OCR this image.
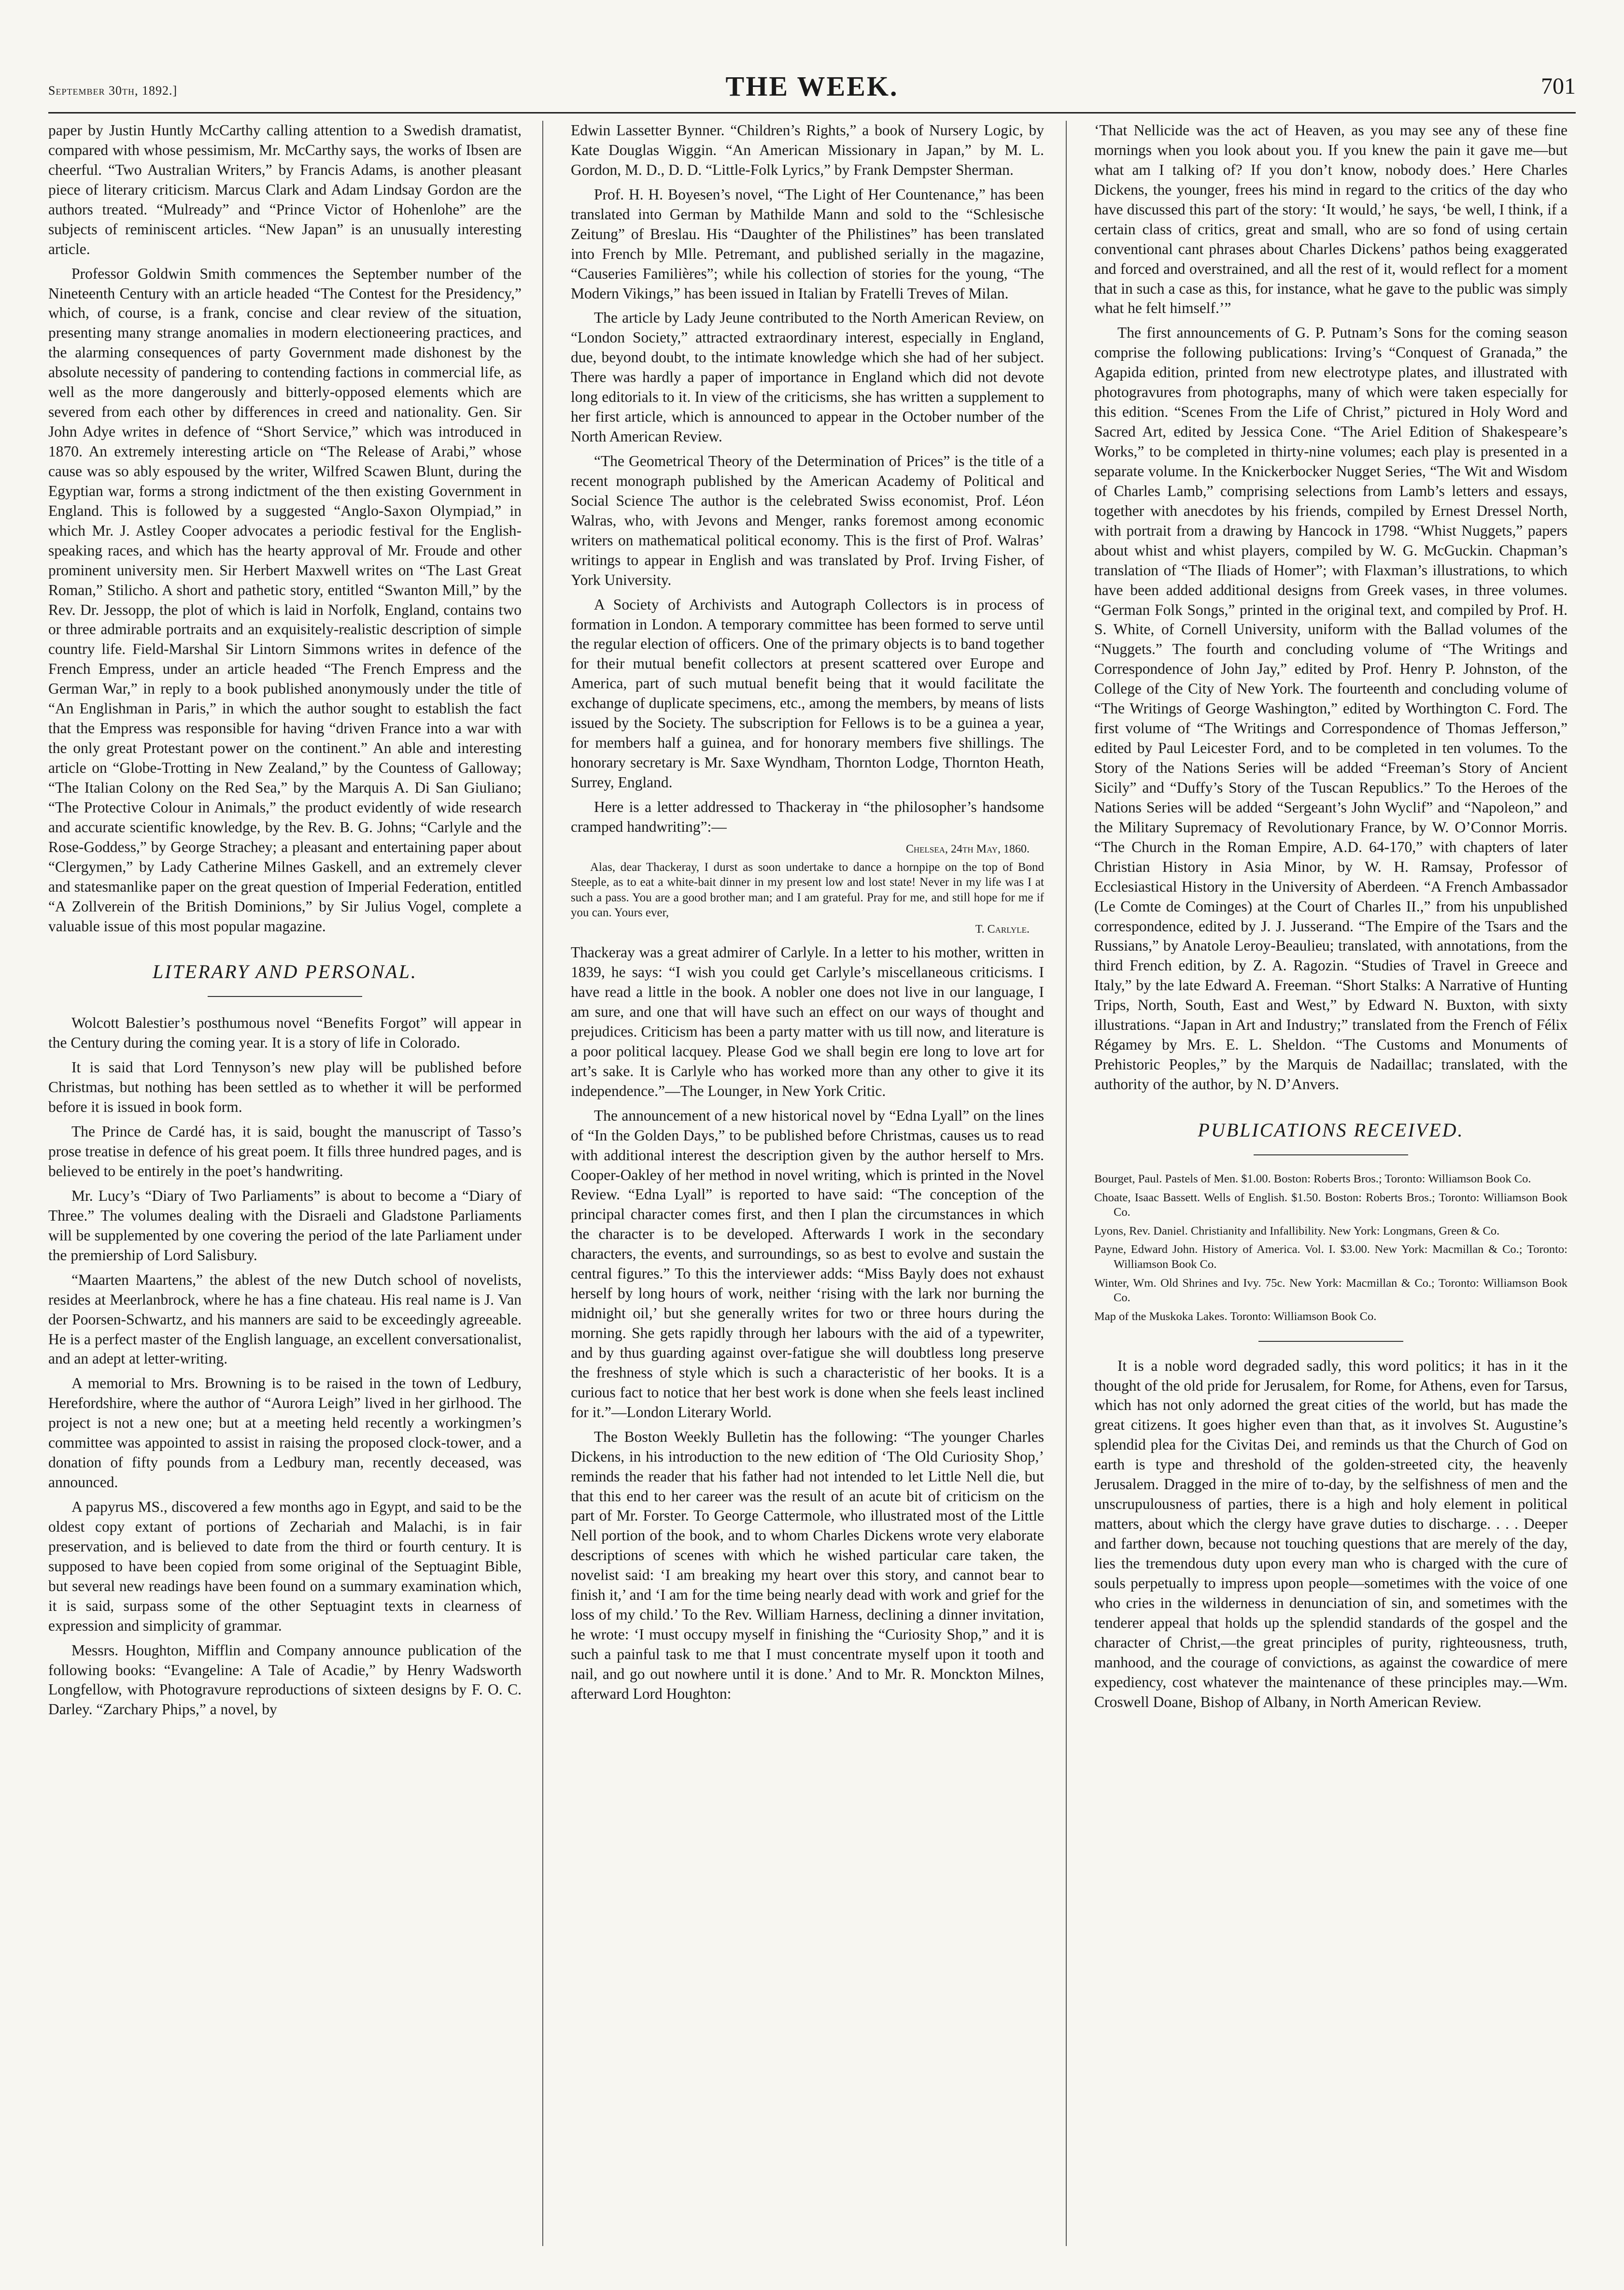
September 30th, 1892.]	THE WEEK.	701

paper by Justin Huntly McCarthy calling attention to a Swedish dramatist, compared with whose pessimism, Mr. McCarthy says, the works of Ibsen are cheerful. “Two Australian Writers,” by Francis Adams, is another pleasant piece of literary criticism. Marcus Clark and Adam Lindsay Gordon are the authors treated. “Mulready” and “Prince Victor of Hohenlohe” are the subjects of reminiscent articles. “New Japan” is an unusually interesting article.

Professor Goldwin Smith commences the September number of the Nineteenth Century with an article headed “The Contest for the Presidency,” which, of course, is a frank, concise and clear review of the situation, presenting many strange anomalies in modern electioneering practices, and the alarming consequences of party Government made dishonest by the absolute necessity of pandering to contending factions in commercial life, as well as the more dangerously and bitterly-opposed elements which are severed from each other by differences in creed and nationality. Gen. Sir John Adye writes in defence of “Short Service,” which was introduced in 1870. An extremely interesting article on “The Release of Arabi,” whose cause was so ably espoused by the writer, Wilfred Scawen Blunt, during the Egyptian war, forms a strong indictment of the then existing Government in England. This is followed by a suggested “Anglo-Saxon Olympiad,” in which Mr. J. Astley Cooper advocates a periodic festival for the English-speaking races, and which has the hearty approval of Mr. Froude and other prominent university men. Sir Herbert Maxwell writes on “The Last Great Roman,” Stilicho. A short and pathetic story, entitled “Swanton Mill,” by the Rev. Dr. Jessopp, the plot of which is laid in Norfolk, England, contains two or three admirable portraits and an exquisitely-realistic description of simple country life. Field-Marshal Sir Lintorn Simmons writes in defence of the French Empress, under an article headed “The French Empress and the German War,” in reply to a book published anonymously under the title of “An Englishman in Paris,” in which the author sought to establish the fact that the Empress was responsible for having “driven France into a war with the only great Protestant power on the continent.” An able and interesting article on “Globe-Trotting in New Zealand,” by the Countess of Galloway; “The Italian Colony on the Red Sea,” by the Marquis A. Di San Giuliano; “The Protective Colour in Animals,” the product evidently of wide research and accurate scientific knowledge, by the Rev. B. G. Johns; “Carlyle and the Rose-Goddess,” by George Strachey; a pleasant and entertaining paper about “Clergymen,” by Lady Catherine Milnes Gaskell, and an extremely clever and statesmanlike paper on the great question of Imperial Federation, entitled “A Zollverein of the British Dominions,” by Sir Julius Vogel, complete a valuable issue of this most popular magazine.

LITERARY AND PERSONAL.

Wolcott Balestier’s posthumous novel “Benefits Forgot” will appear in the Century during the coming year. It is a story of life in Colorado.

It is said that Lord Tennyson’s new play will be published before Christmas, but nothing has been settled as to whether it will be performed before it is issued in book form.

The Prince de Cardé has, it is said, bought the manuscript of Tasso’s prose treatise in defence of his great poem. It fills three hundred pages, and is believed to be entirely in the poet’s handwriting.

Mr. Lucy’s “Diary of Two Parliaments” is about to become a “Diary of Three.” The volumes dealing with the Disraeli and Gladstone Parliaments will be supplemented by one covering the period of the late Parliament under the premiership of Lord Salisbury.

“Maarten Maartens,” the ablest of the new Dutch school of novelists, resides at Meerlanbrock, where he has a fine chateau. His real name is J. Van der Poorsen-Schwartz, and his manners are said to be exceedingly agreeable. He is a perfect master of the English language, an excellent conversationalist, and an adept at letter-writing.

A memorial to Mrs. Browning is to be raised in the town of Ledbury, Herefordshire, where the author of “Aurora Leigh” lived in her girlhood. The project is not a new one; but at a meeting held recently a workingmen’s committee was appointed to assist in raising the proposed clock-tower, and a donation of fifty pounds from a Ledbury man, recently deceased, was announced.

A papyrus MS., discovered a few months ago in Egypt, and said to be the oldest copy extant of portions of Zechariah and Malachi, is in fair preservation, and is believed to date from the third or fourth century. It is supposed to have been copied from some original of the Septuagint Bible, but several new readings have been found on a summary examination which, it is said, surpass some of the other Septuagint texts in clearness of expression and simplicity of grammar.

Messrs. Houghton, Mifflin and Company announce publication of the following books: “Evangeline: A Tale of Acadie,” by Henry Wadsworth Longfellow, with Photogravure reproductions of sixteen designs by F. O. C. Darley. “Zarchary Phips,” a novel, by

Edwin Lassetter Bynner. “Children’s Rights,” a book of Nursery Logic, by Kate Douglas Wiggin. “An American Missionary in Japan,” by M. L. Gordon, M. D., D. D. “Little-Folk Lyrics,” by Frank Dempster Sherman.

Prof. H. H. Boyesen’s novel, “The Light of Her Countenance,” has been translated into German by Mathilde Mann and sold to the “Schlesische Zeitung” of Breslau. His “Daughter of the Philistines” has been translated into French by Mlle. Petremant, and published serially in the magazine, “Causeries Familières”; while his collection of stories for the young, “The Modern Vikings,” has been issued in Italian by Fratelli Treves of Milan.

The article by Lady Jeune contributed to the North American Review, on “London Society,” attracted extraordinary interest, especially in England, due, beyond doubt, to the intimate knowledge which she had of her subject. There was hardly a paper of importance in England which did not devote long editorials to it. In view of the criticisms, she has written a supplement to her first article, which is announced to appear in the October number of the North American Review.

“The Geometrical Theory of the Determination of Prices” is the title of a recent monograph published by the American Academy of Political and Social Science The author is the celebrated Swiss economist, Prof. Léon Walras, who, with Jevons and Menger, ranks foremost among economic writers on mathematical political economy. This is the first of Prof. Walras’ writings to appear in English and was translated by Prof. Irving Fisher, of York University.

A Society of Archivists and Autograph Collectors is in process of formation in London. A temporary committee has been formed to serve until the regular election of officers. One of the primary objects is to band together for their mutual benefit collectors at present scattered over Europe and America, part of such mutual benefit being that it would facilitate the exchange of duplicate specimens, etc., among the members, by means of lists issued by the Society. The subscription for Fellows is to be a guinea a year, for members half a guinea, and for honorary members five shillings. The honorary secretary is Mr. Saxe Wyndham, Thornton Lodge, Thornton Heath, Surrey, England.

Here is a letter addressed to Thackeray in “the philosopher’s handsome cramped handwriting”:—

Chelsea, 24th May, 1860.

Alas, dear Thackeray, I durst as soon undertake to dance a hornpipe on the top of Bond Steeple, as to eat a white-bait dinner in my present low and lost state! Never in my life was I at such a pass. You are a good brother man; and I am grateful. Pray for me, and still hope for me if you can. Yours ever,

T. Carlyle.

Thackeray was a great admirer of Carlyle. In a letter to his mother, written in 1839, he says: “I wish you could get Carlyle’s miscellaneous criticisms. I have read a little in the book. A nobler one does not live in our language, I am sure, and one that will have such an effect on our ways of thought and prejudices. Criticism has been a party matter with us till now, and literature is a poor political lacquey. Please God we shall begin ere long to love art for art’s sake. It is Carlyle who has worked more than any other to give it its independence.”—The Lounger, in New York Critic.

The announcement of a new historical novel by “Edna Lyall” on the lines of “In the Golden Days,” to be published before Christmas, causes us to read with additional interest the description given by the author herself to Mrs. Cooper-Oakley of her method in novel writing, which is printed in the Novel Review. “Edna Lyall” is reported to have said: “The conception of the principal character comes first, and then I plan the circumstances in which the character is to be developed. Afterwards I work in the secondary characters, the events, and surroundings, so as best to evolve and sustain the central figures.” To this the interviewer adds: “Miss Bayly does not exhaust herself by long hours of work, neither ‘rising with the lark nor burning the midnight oil,’ but she generally writes for two or three hours during the morning. She gets rapidly through her labours with the aid of a typewriter, and by thus guarding against over-fatigue she will doubtless long preserve the freshness of style which is such a characteristic of her books. It is a curious fact to notice that her best work is done when she feels least inclined for it.”—London Literary World.

The Boston Weekly Bulletin has the following: “The younger Charles Dickens, in his introduction to the new edition of ‘The Old Curiosity Shop,’ reminds the reader that his father had not intended to let Little Nell die, but that this end to her career was the result of an acute bit of criticism on the part of Mr. Forster. To George Cattermole, who illustrated most of the Little Nell portion of the book, and to whom Charles Dickens wrote very elaborate descriptions of scenes with which he wished particular care taken, the novelist said: ‘I am breaking my heart over this story, and cannot bear to finish it,’ and ‘I am for the time being nearly dead with work and grief for the loss of my child.’ To the Rev. William Harness, declining a dinner invitation, he wrote: ‘I must occupy myself in finishing the “Curiosity Shop,” and it is such a painful task to me that I must concentrate myself upon it tooth and nail, and go out nowhere until it is done.’ And to Mr. R. Monckton Milnes, afterward Lord Houghton:

‘That Nellicide was the act of Heaven, as you may see any of these fine mornings when you look about you. If you knew the pain it gave me—but what am I talking of? If you don’t know, nobody does.’ Here Charles Dickens, the younger, frees his mind in regard to the critics of the day who have discussed this part of the story: ‘It would,’ he says, ‘be well, I think, if a certain class of critics, great and small, who are so fond of using certain conventional cant phrases about Charles Dickens’ pathos being exaggerated and forced and overstrained, and all the rest of it, would reflect for a moment that in such a case as this, for instance, what he gave to the public was simply what he felt himself.’”

The first announcements of G. P. Putnam’s Sons for the coming season comprise the following publications: Irving’s “Conquest of Granada,” the Agapida edition, printed from new electrotype plates, and illustrated with photogravures from photographs, many of which were taken especially for this edition. “Scenes From the Life of Christ,” pictured in Holy Word and Sacred Art, edited by Jessica Cone. “The Ariel Edition of Shakespeare’s Works,” to be completed in thirty-nine volumes; each play is presented in a separate volume. In the Knickerbocker Nugget Series, “The Wit and Wisdom of Charles Lamb,” comprising selections from Lamb’s letters and essays, together with anecdotes by his friends, compiled by Ernest Dressel North, with portrait from a drawing by Hancock in 1798. “Whist Nuggets,” papers about whist and whist players, compiled by W. G. McGuckin. Chapman’s translation of “The Iliads of Homer”; with Flaxman’s illustrations, to which have been added additional designs from Greek vases, in three volumes. “German Folk Songs,” printed in the original text, and compiled by Prof. H. S. White, of Cornell University, uniform with the Ballad volumes of the “Nuggets.” The fourth and concluding volume of “The Writings and Correspondence of John Jay,” edited by Prof. Henry P. Johnston, of the College of the City of New York. The fourteenth and concluding volume of “The Writings of George Washington,” edited by Worthington C. Ford. The first volume of “The Writings and Correspondence of Thomas Jefferson,” edited by Paul Leicester Ford, and to be completed in ten volumes. To the Story of the Nations Series will be added “Freeman’s Story of Ancient Sicily” and “Duffy’s Story of the Tuscan Republics.” To the Heroes of the Nations Series will be added “Sergeant’s John Wyclif” and “Napoleon,” and the Military Supremacy of Revolutionary France, by W. O’Connor Morris. “The Church in the Roman Empire, A.D. 64-170,” with chapters of later Christian History in Asia Minor, by W. H. Ramsay, Professor of Ecclesiastical History in the University of Aberdeen. “A French Ambassador (Le Comte de Cominges) at the Court of Charles II.,” from his unpublished correspondence, edited by J. J. Jusserand. “The Empire of the Tsars and the Russians,” by Anatole Leroy-Beaulieu; translated, with annotations, from the third French edition, by Z. A. Ragozin. “Studies of Travel in Greece and Italy,” by the late Edward A. Freeman. “Short Stalks: A Narrative of Hunting Trips, North, South, East and West,” by Edward N. Buxton, with sixty illustrations. “Japan in Art and Industry;” translated from the French of Félix Régamey by Mrs. E. L. Sheldon. “The Customs and Monuments of Prehistoric Peoples,” by the Marquis de Nadaillac; translated, with the authority of the author, by N. D’Anvers.

PUBLICATIONS RECEIVED.
Bourget, Paul. Pastels of Men. $1.00. Boston: Roberts Bros.; Toronto: Williamson Book Co.
Choate, Isaac Bassett. Wells of English. $1.50. Boston: Roberts Bros.; Toronto: Williamson Book Co.
Lyons, Rev. Daniel. Christianity and Infallibility. New York: Longmans, Green & Co.
Payne, Edward John. History of America. Vol. I. $3.00. New York: Macmillan & Co.; Toronto: Williamson Book Co.
Winter, Wm. Old Shrines and Ivy. 75c. New York: Macmillan & Co.; Toronto: Williamson Book Co.
Map of the Muskoka Lakes. Toronto: Williamson Book Co.

It is a noble word degraded sadly, this word politics; it has in it the thought of the old pride for Jerusalem, for Rome, for Athens, even for Tarsus, which has not only adorned the great cities of the world, but has made the great citizens. It goes higher even than that, as it involves St. Augustine’s splendid plea for the Civitas Dei, and reminds us that the Church of God on earth is type and threshold of the golden-streeted city, the heavenly Jerusalem. Dragged in the mire of to-day, by the selfishness of men and the unscrupulousness of parties, there is a high and holy element in political matters, about which the clergy have grave duties to discharge. . . . Deeper and farther down, because not touching questions that are merely of the day, lies the tremendous duty upon every man who is charged with the cure of souls perpetually to impress upon people—sometimes with the voice of one who cries in the wilderness in denunciation of sin, and sometimes with the tenderer appeal that holds up the splendid standards of the gospel and the character of Christ,—the great principles of purity, righteousness, truth, manhood, and the courage of convictions, as against the cowardice of mere expediency, cost whatever the maintenance of these principles may.—Wm. Croswell Doane, Bishop of Albany, in North American Review.
